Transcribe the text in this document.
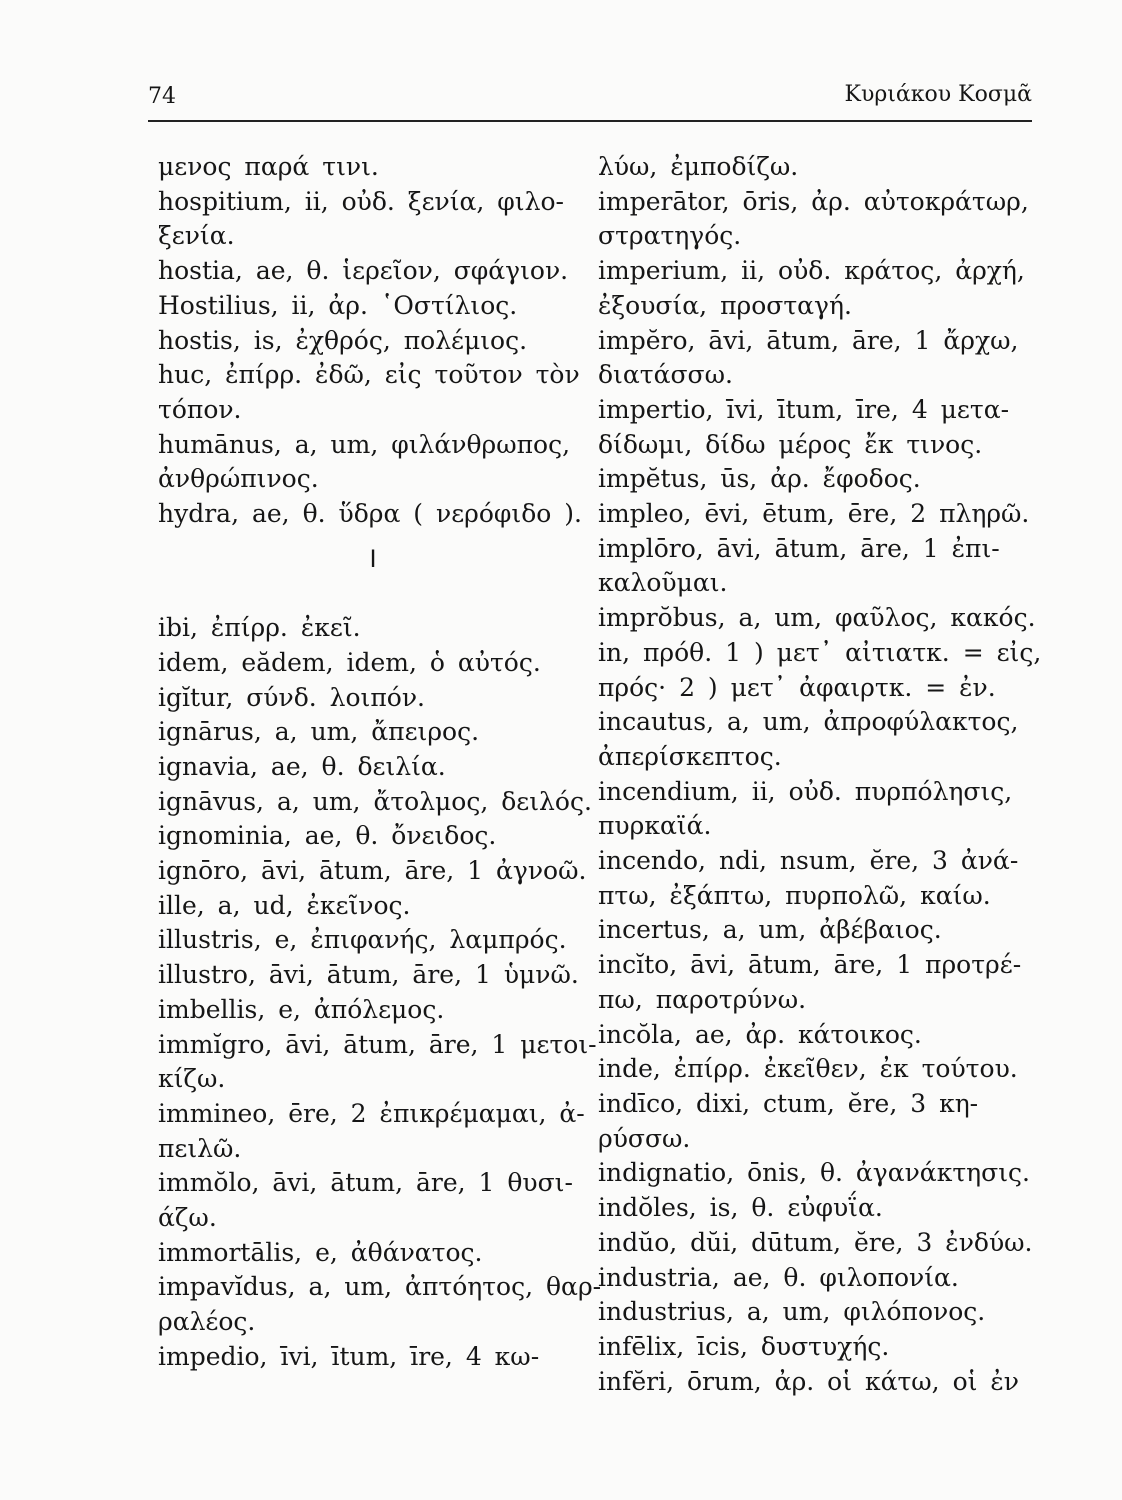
74	Κυριάκου Κοσμᾶ
μενος παρά τινι.
hospitium, ii, οὐδ. ξενία, φιλο-
ξενία.
hostia, ae, θ. ἱερεῖον, σφάγιον.
Hostilius, ii, ἀρ. ῾Οστίλιος.
hostis, is, ἐχθρός, πολέμιος.
huc, ἐπίρρ. ἐδῶ, εἰς τοῦτον τὸν
τόπον.
humānus, a, um, φιλάνθρωπος,
ἀνθρώπινος.
hydra, ae, θ. ὕδρα ( νερόφιδο ).
I
ibi, ἐπίρρ. ἐκεῖ.
idem, eădem, idem, ὁ αὐτός.
igĭtur, σύνδ. λοιπόν.
ignārus, a, um, ἄπειρος.
ignavia, ae, θ. δειλία.
ignāvus, a, um, ἄτολμος, δειλός.
ignominia, ae, θ. ὄνειδος.
ignōro, āvi, ātum, āre, 1 ἀγνοῶ.
ille, a, ud, ἐκεῖνος.
illustris, e, ἐπιφανής, λαμπρός.
illustro, āvi, ātum, āre, 1 ὑμνῶ.
imbellis, e, ἀπόλεμος.
immĭgro, āvi, ātum, āre, 1 μετοι-
κίζω.
immineo, ēre, 2 ἐπικρέμαμαι, ἀ-
πειλῶ.
immŏlo, āvi, ātum, āre, 1 θυσι-
άζω.
immortālis, e, ἀθάνατος.
impavĭdus, a, um, ἀπτόητος, θαρ-
ραλέος.
impedio, īvi, ītum, īre, 4 κω-
λύω, ἐμποδίζω.
imperātor, ōris, ἀρ. αὐτοκράτωρ,
στρατηγός.
imperium, ii, οὐδ. κράτος, ἀρχή,
ἐξουσία, προσταγή.
impĕro, āvi, ātum, āre, 1 ἄρχω,
διατάσσω.
impertio, īvi, ītum, īre, 4 μετα-
δίδωμι, δίδω μέρος ἔκ τινος.
impĕtus, ūs, ἀρ. ἔφοδος.
impleo, ēvi, ētum, ēre, 2 πληρῶ.
implōro, āvi, ātum, āre, 1 ἐπι-
καλοῦμαι.
imprŏbus, a, um, φαῦλος, κακός.
in, πρόθ. 1 ) μετ᾽ αἰτιατκ. = εἰς,
πρός· 2 ) μετ᾽ ἀφαιρτκ. = ἐν.
incautus, a, um, ἀπροφύλακτος,
ἀπερίσκεπτος.
incendium, ii, οὐδ. πυρπόλησις,
πυρκαϊά.
incendo, ndi, nsum, ĕre, 3 ἀνά-
πτω, ἐξάπτω, πυρπολῶ, καίω.
incertus, a, um, ἀβέβαιος.
incĭto, āvi, ātum, āre, 1 προτρέ-
πω, παροτρύνω.
incŏla, ae, ἀρ. κάτοικος.
inde, ἐπίρρ. ἐκεῖθεν, ἐκ τούτου.
indīco, dixi, ctum, ĕre, 3 κη-
ρύσσω.
indignatio, ōnis, θ. ἀγανάκτησις.
indŏles, is, θ. εὐφυΐα.
indŭo, dŭi, dūtum, ĕre, 3 ἐνδύω.
industria, ae, θ. φιλοπονία.
industrius, a, um, φιλόπονος.
infēlix, īcis, δυστυχής.
infĕri, ōrum, ἀρ. οἱ κάτω, οἱ ἐν
